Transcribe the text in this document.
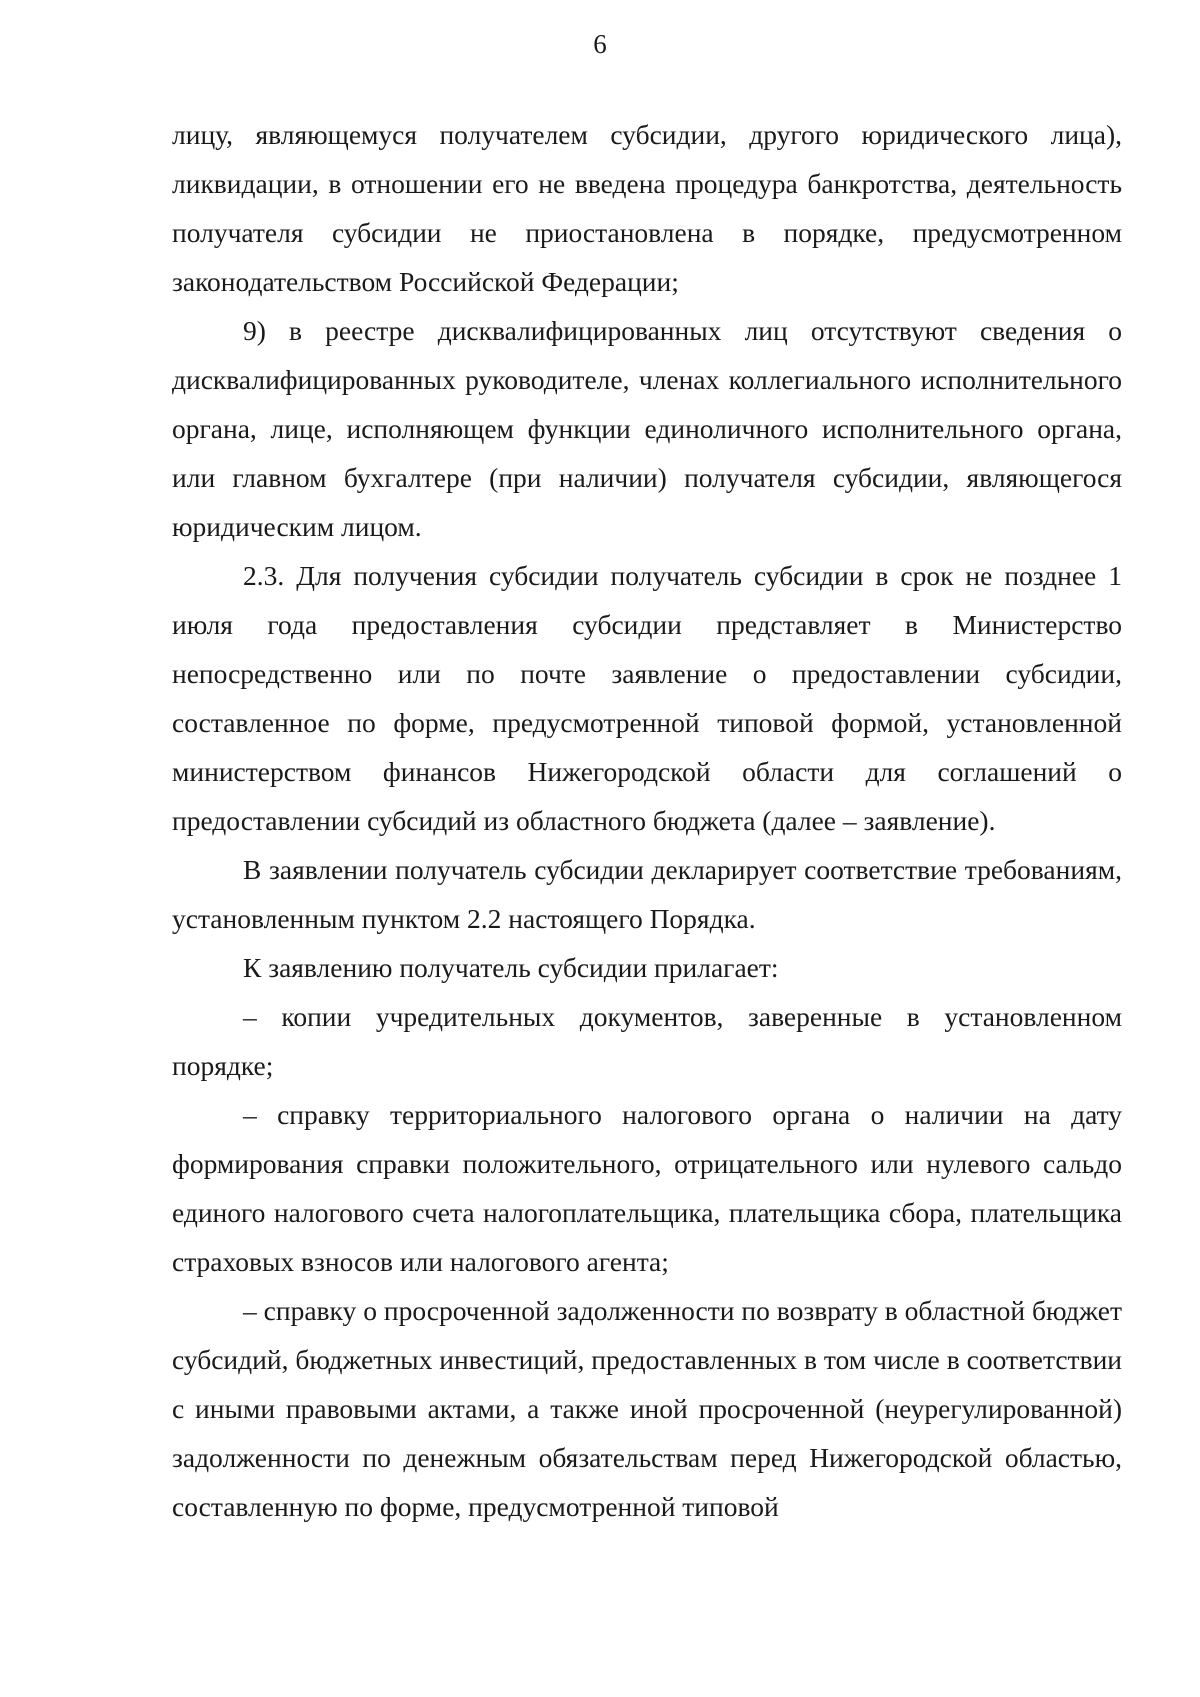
6

лицу, являющемуся получателем субсидии, другого юридического лица), ликвидации, в отношении его не введена процедура банкротства, деятельность получателя субсидии не приостановлена в порядке, предусмотренном законодательством Российской Федерации;

9) в реестре дисквалифицированных лиц отсутствуют сведения о дисквалифицированных руководителе, членах коллегиального исполнительного органа, лице, исполняющем функции единоличного исполнительного органа, или главном бухгалтере (при наличии) получателя субсидии, являющегося юридическим лицом.

2.3. Для получения субсидии получатель субсидии в срок не позднее 1 июля года предоставления субсидии представляет в Министерство непосредственно или по почте заявление о предоставлении субсидии, составленное по форме, предусмотренной типовой формой, установленной министерством финансов Нижегородской области для соглашений о предоставлении субсидий из областного бюджета (далее – заявление).

В заявлении получатель субсидии декларирует соответствие требованиям, установленным пунктом 2.2 настоящего Порядка.

К заявлению получатель субсидии прилагает:

– копии учредительных документов, заверенные в установленном порядке;

– справку территориального налогового органа о наличии на дату формирования справки положительного, отрицательного или нулевого сальдо единого налогового счета налогоплательщика, плательщика сбора, плательщика страховых взносов или налогового агента;

– справку о просроченной задолженности по возврату в областной бюджет субсидий, бюджетных инвестиций, предоставленных в том числе в соответствии с иными правовыми актами, а также иной просроченной (неурегулированной) задолженности по денежным обязательствам перед Нижегородской областью, составленную по форме, предусмотренной типовой
